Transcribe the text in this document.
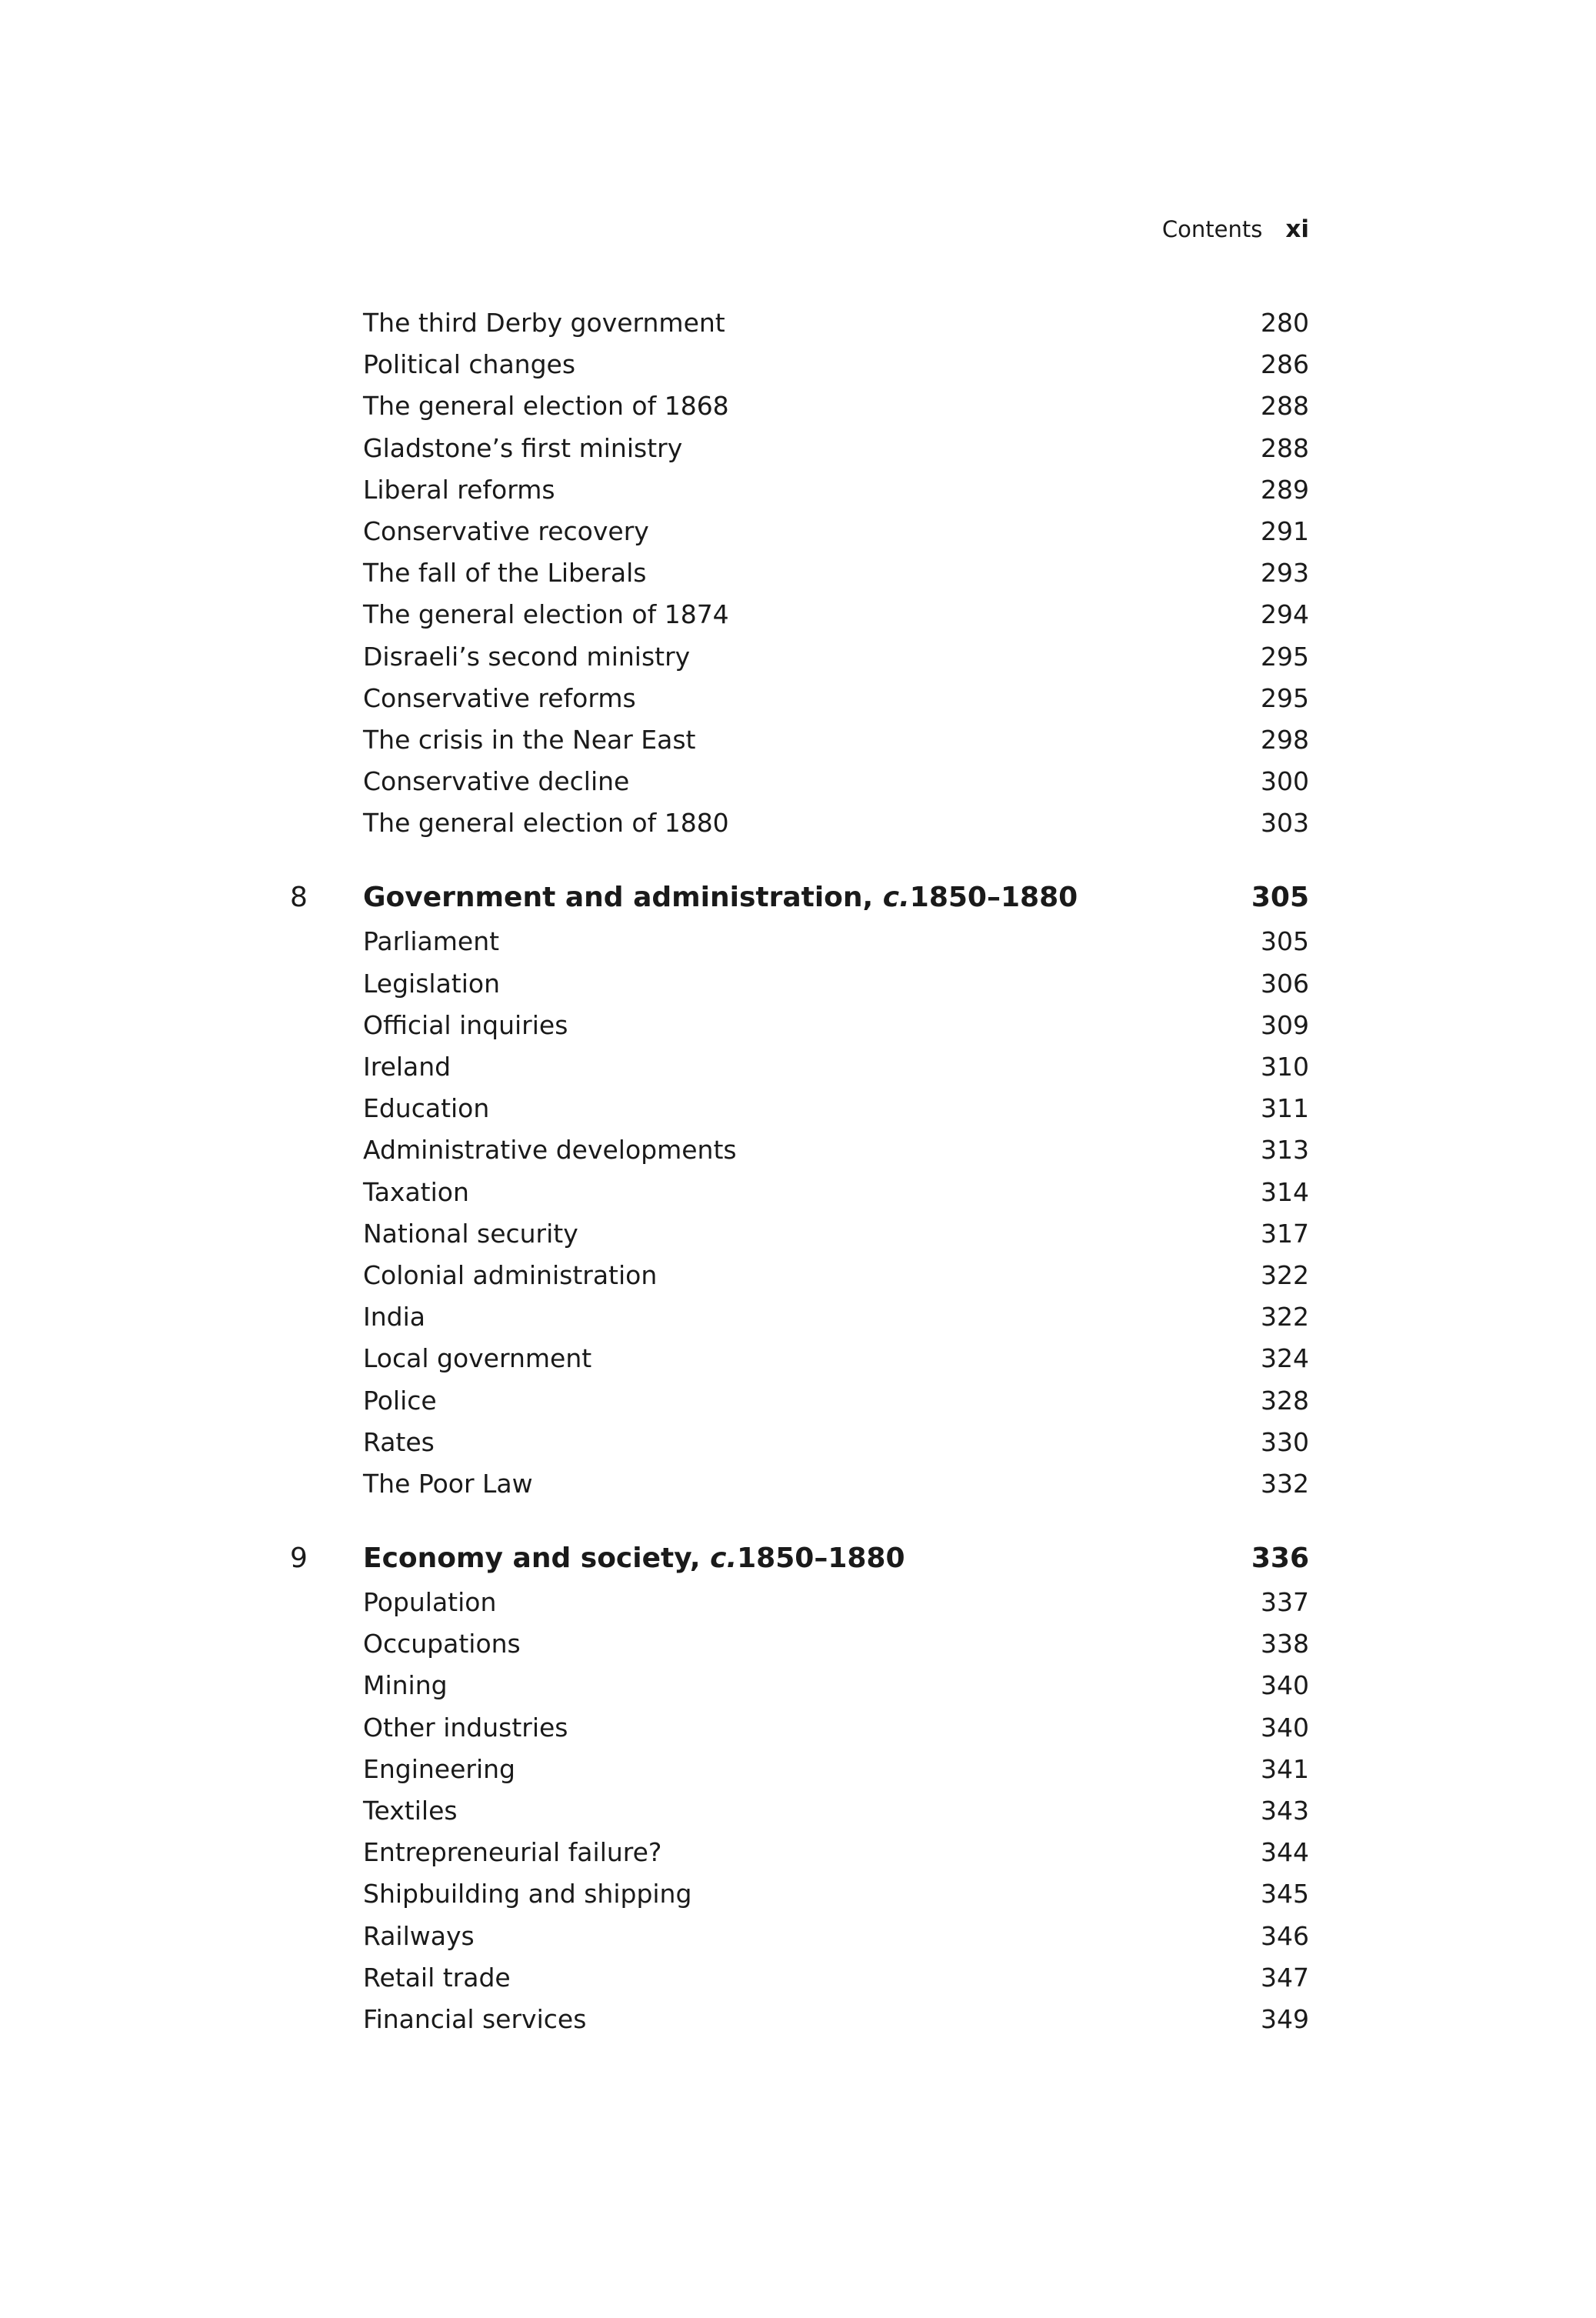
Contents xi
The third Derby government	280
Political changes	286
The general election of 1868	288
Gladstone’s first ministry	288
Liberal reforms	289
Conservative recovery	291
The fall of the Liberals	293
The general election of 1874	294
Disraeli’s second ministry	295
Conservative reforms	295
The crisis in the Near East	298
Conservative decline	300
The general election of 1880	303
8 Government and administration, c.1850–1880	305
Parliament	305
Legislation	306
Official inquiries	309
Ireland	310
Education	311
Administrative developments	313
Taxation	314
National security	317
Colonial administration	322
India	322
Local government	324
Police	328
Rates	330
The Poor Law	332
9 Economy and society, c.1850–1880	336
Population	337
Occupations	338
Mining	340
Other industries	340
Engineering	341
Textiles	343
Entrepreneurial failure?	344
Shipbuilding and shipping	345
Railways	346
Retail trade	347
Financial services	349
